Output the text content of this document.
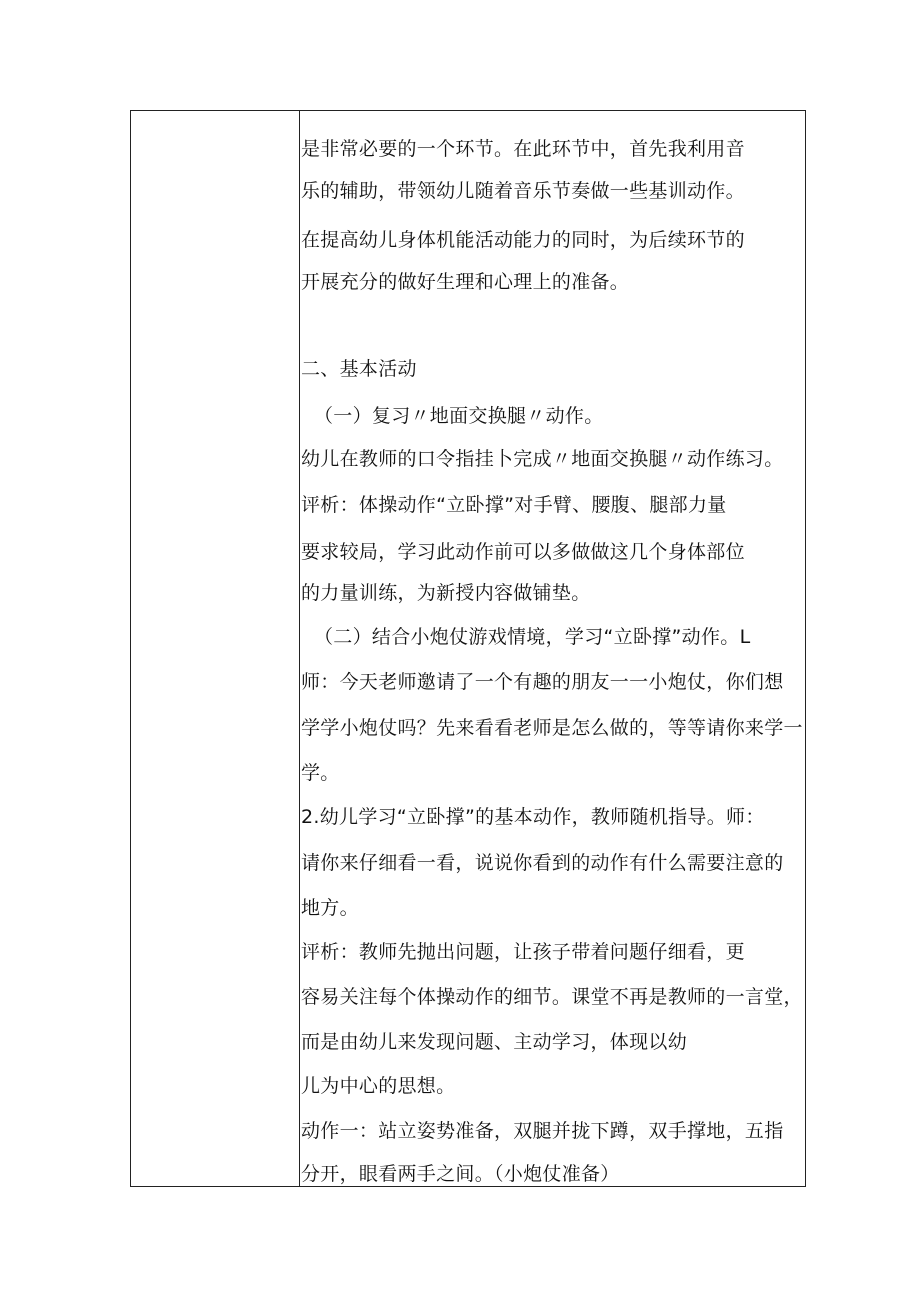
是非常必要的一个环节。在此环节中，首先我利用音
乐的辅助，带领幼儿随着音乐节奏做一些基训动作。
在提高幼儿身体机能活动能力的同时，为后续环节的
开展充分的做好生理和心理上的准备。
二、基本活动
（一）复习〃地面交换腿〃动作。
幼儿在教师的口令指挂卜完成〃地面交换腿〃动作练习。
评析：体操动作“立卧撑”对手臂、腰腹、腿部力量
要求较局，学习此动作前可以多做做这几个身体部位
的力量训练，为新授内容做铺垫。
（二）结合小炮仗游戏情境，学习“立卧撑”动作。L
师：今天老师邀请了一个有趣的朋友一一小炮仗，你们想
学学小炮仗吗？先来看看老师是怎么做的，等等请你来学一
学。
2.幼儿学习“立卧撑”的基本动作，教师随机指导。师：
请你来仔细看一看，说说你看到的动作有什么需要注意的
地方。
评析：教师先抛出问题，让孩子带着问题仔细看，更
容易关注每个体操动作的细节。课堂不再是教师的一言堂，
而是由幼儿来发现问题、主动学习，体现以幼
儿为中心的思想。
动作一：站立姿势准备，双腿并拢下蹲，双手撑地，五指
分开，眼看两手之间。（小炮仗准备）
